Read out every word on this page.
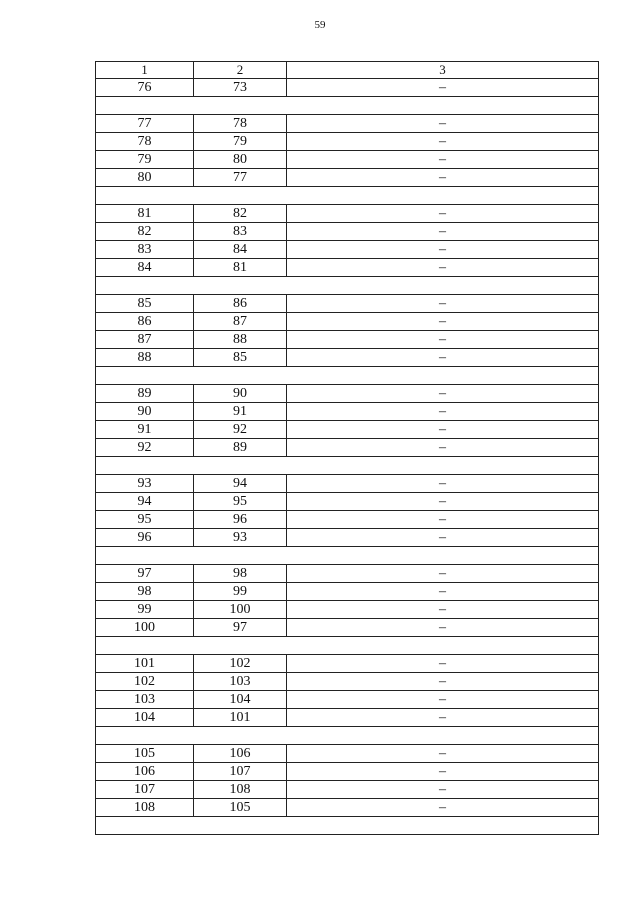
59
1	2	3
76	73	–

77	78	–
78	79	–
79	80	–
80	77	–

81	82	–
82	83	–
83	84	–
84	81	–

85	86	–
86	87	–
87	88	–
88	85	–

89	90	–
90	91	–
91	92	–
92	89	–

93	94	–
94	95	–
95	96	–
96	93	–

97	98	–
98	99	–
99	100	–
100	97	–

101	102	–
102	103	–
103	104	–
104	101	–

105	106	–
106	107	–
107	108	–
108	105	–
